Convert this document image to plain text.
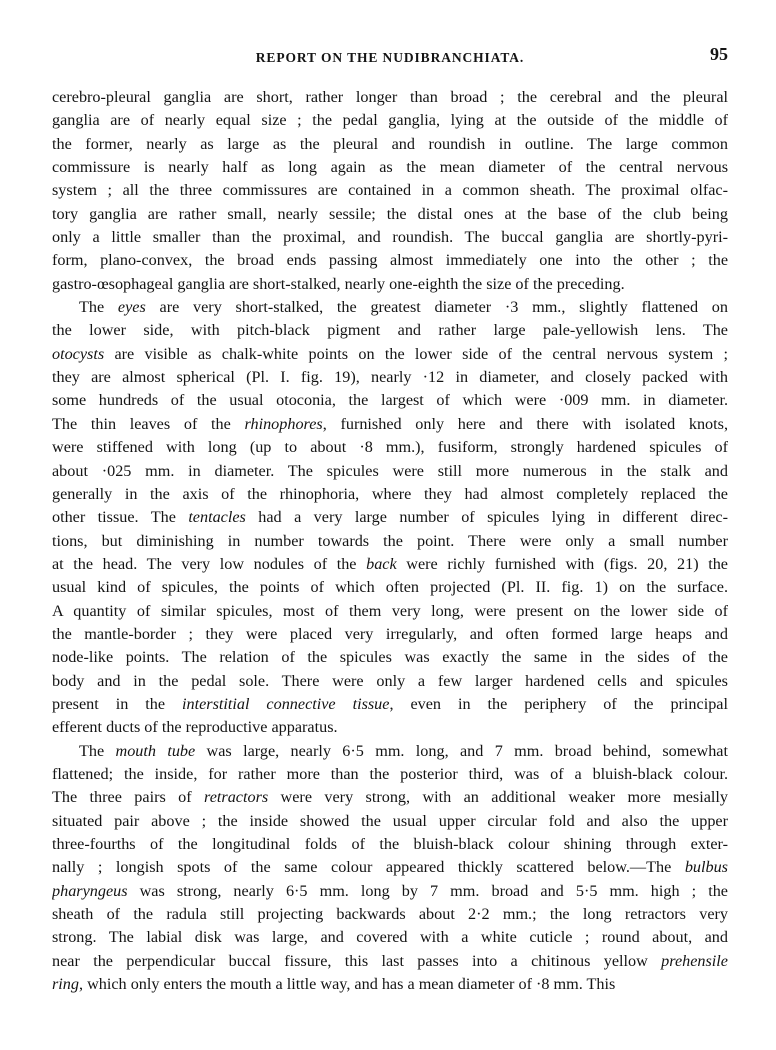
REPORT ON THE NUDIBRANCHIATA.	95
cerebro-pleural ganglia are short, rather longer than broad ; the cerebral and the pleural
ganglia are of nearly equal size ; the pedal ganglia, lying at the outside of the middle of
the former, nearly as large as the pleural and roundish in outline. The large common
commissure is nearly half as long again as the mean diameter of the central nervous
system ; all the three commissures are contained in a common sheath. The proximal olfac-
tory ganglia are rather small, nearly sessile; the distal ones at the base of the club being
only a little smaller than the proximal, and roundish. The buccal ganglia are shortly-pyri-
form, plano-convex, the broad ends passing almost immediately one into the other ; the
gastro-œsophageal ganglia are short-stalked, nearly one-eighth the size of the preceding.
The eyes are very short-stalked, the greatest diameter ·3 mm., slightly flattened on
the lower side, with pitch-black pigment and rather large pale-yellowish lens. The
otocysts are visible as chalk-white points on the lower side of the central nervous system ;
they are almost spherical (Pl. I. fig. 19), nearly ·12 in diameter, and closely packed with
some hundreds of the usual otoconia, the largest of which were ·009 mm. in diameter.
The thin leaves of the rhinophores, furnished only here and there with isolated knots,
were stiffened with long (up to about ·8 mm.), fusiform, strongly hardened spicules of
about ·025 mm. in diameter. The spicules were still more numerous in the stalk and
generally in the axis of the rhinophoria, where they had almost completely replaced the
other tissue. The tentacles had a very large number of spicules lying in different direc-
tions, but diminishing in number towards the point. There were only a small number
at the head. The very low nodules of the back were richly furnished with (figs. 20, 21) the
usual kind of spicules, the points of which often projected (Pl. II. fig. 1) on the surface.
A quantity of similar spicules, most of them very long, were present on the lower side of
the mantle-border ; they were placed very irregularly, and often formed large heaps and
node-like points. The relation of the spicules was exactly the same in the sides of the
body and in the pedal sole. There were only a few larger hardened cells and spicules
present in the interstitial connective tissue, even in the periphery of the principal
efferent ducts of the reproductive apparatus.
The mouth tube was large, nearly 6·5 mm. long, and 7 mm. broad behind, somewhat
flattened; the inside, for rather more than the posterior third, was of a bluish-black colour.
The three pairs of retractors were very strong, with an additional weaker more mesially
situated pair above ; the inside showed the usual upper circular fold and also the upper
three-fourths of the longitudinal folds of the bluish-black colour shining through exter-
nally ; longish spots of the same colour appeared thickly scattered below.—The bulbus
pharyngeus was strong, nearly 6·5 mm. long by 7 mm. broad and 5·5 mm. high ; the
sheath of the radula still projecting backwards about 2·2 mm.; the long retractors very
strong. The labial disk was large, and covered with a white cuticle ; round about, and
near the perpendicular buccal fissure, this last passes into a chitinous yellow prehensile
ring, which only enters the mouth a little way, and has a mean diameter of ·8 mm. This
